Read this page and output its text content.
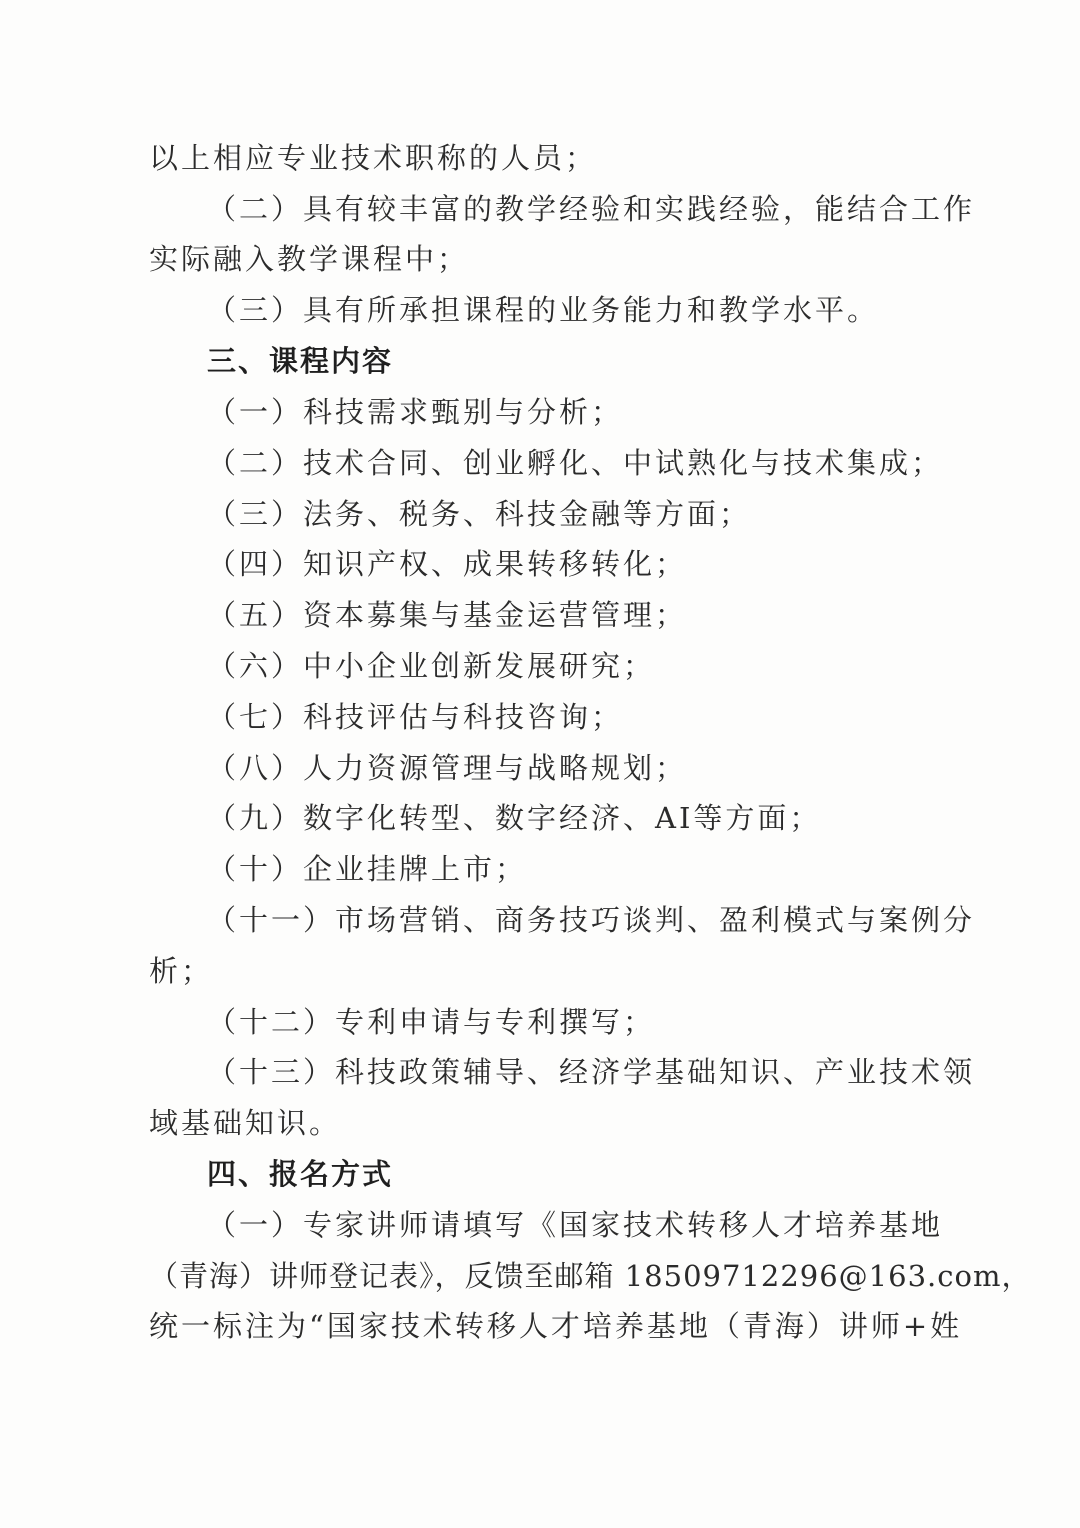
以上相应专业技术职称的人员；
（二）具有较丰富的教学经验和实践经验，能结合工作
实际融入教学课程中；
（三）具有所承担课程的业务能力和教学水平。
三、课程内容
（一）科技需求甄别与分析；
（二）技术合同、创业孵化、中试熟化与技术集成；
（三）法务、税务、科技金融等方面；
（四）知识产权、成果转移转化；
（五）资本募集与基金运营管理；
（六）中小企业创新发展研究；
（七）科技评估与科技咨询；
（八）人力资源管理与战略规划；
（九）数字化转型、数字经济、AI等方面；
（十）企业挂牌上市；
（十一）市场营销、商务技巧谈判、盈利模式与案例分
析；
（十二）专利申请与专利撰写；
（十三）科技政策辅导、经济学基础知识、产业技术领
域基础知识。
四、报名方式
（一）专家讲师请填写《国家技术转移人才培养基地
（青海）讲师登记表》，反馈至邮箱 18509712296@163.com，
统一标注为“国家技术转移人才培养基地（青海）讲师+姓
